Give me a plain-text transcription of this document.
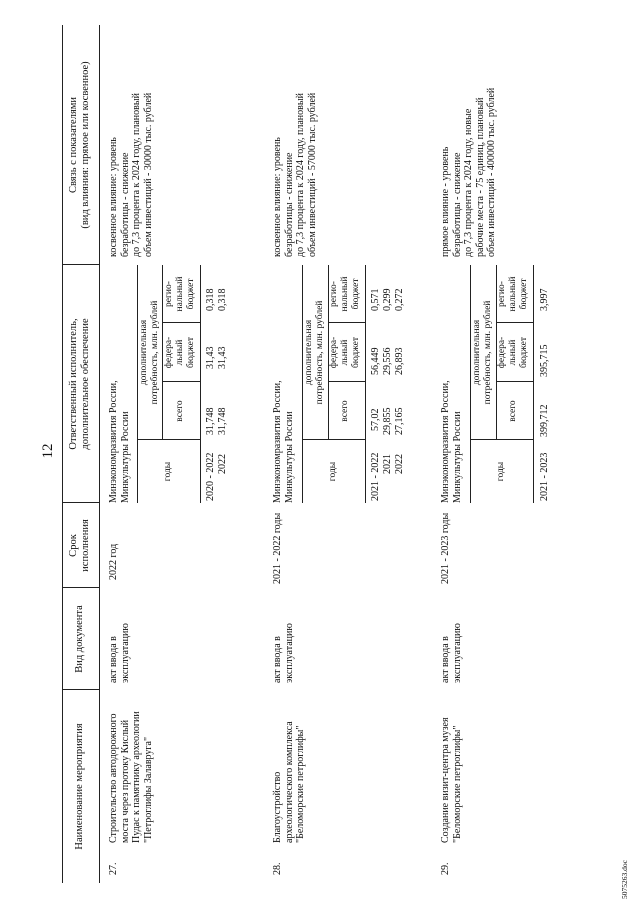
12
Наименование мероприятия
Вид документа
Срок
исполнения
Ответственный исполнитель,
дополнительное обеспечение
Связь с показателями
(вид влияния: прямое или косвенное)
27.
Строительство автодорожного
моста через протоку Кислый
Пудас к памятнику археологии
"Петроглифы Залавруга"
акт ввода в
эксплуатацию
2022 год
Минэкономразвития России,
Минкультуры России
косвенное влияние: уровень
безработицы - снижение
до 7,3 процента к 2024 году, плановый
объем инвестиций - 30000 тыс. рублей
годы
дополнительная
потребность, млн. рублей
всего
федера-
льный
бюджет
регио-
нальный
бюджет
2020 - 2022 2022
31,748 31,748
31,43 31,43
0,318 0,318
28.
Благоустройство
археологического комплекса
"Беломорские петроглифы"
акт ввода в
эксплуатацию
2021 - 2022 годы
Минэкономразвития России,
Минкультуры России
косвенное влияние: уровень
безработицы - снижение
до 7,3 процента к 2024 году, плановый
объем инвестиций - 57000 тыс. рублей
годы
дополнительная
потребность, млн. рублей
всего
федера-
льный
бюджет
регио-
нальный
бюджет
2021 - 2022 2021 2022
57,02 29,855 27,165
56,449 29,556 26,893
0,571 0,299 0,272
29.
Создание визит-центра музея
"Беломорские петроглифы"
акт ввода в
эксплуатацию
2021 - 2023 годы
Минэкономразвития России,
Минкультуры России
прямое влияние - уровень
безработицы - снижение
до 7,3 процента к 2024 году, новые
рабочие места - 75 единиц, плановый
объем инвестиций - 400000 тыс. рублей
годы
дополнительная
потребность, млн. рублей
всего
федера-
льный
бюджет
регио-
нальный
бюджет
2021 - 2023
399,712
395,715
3,997
5075263.doc
